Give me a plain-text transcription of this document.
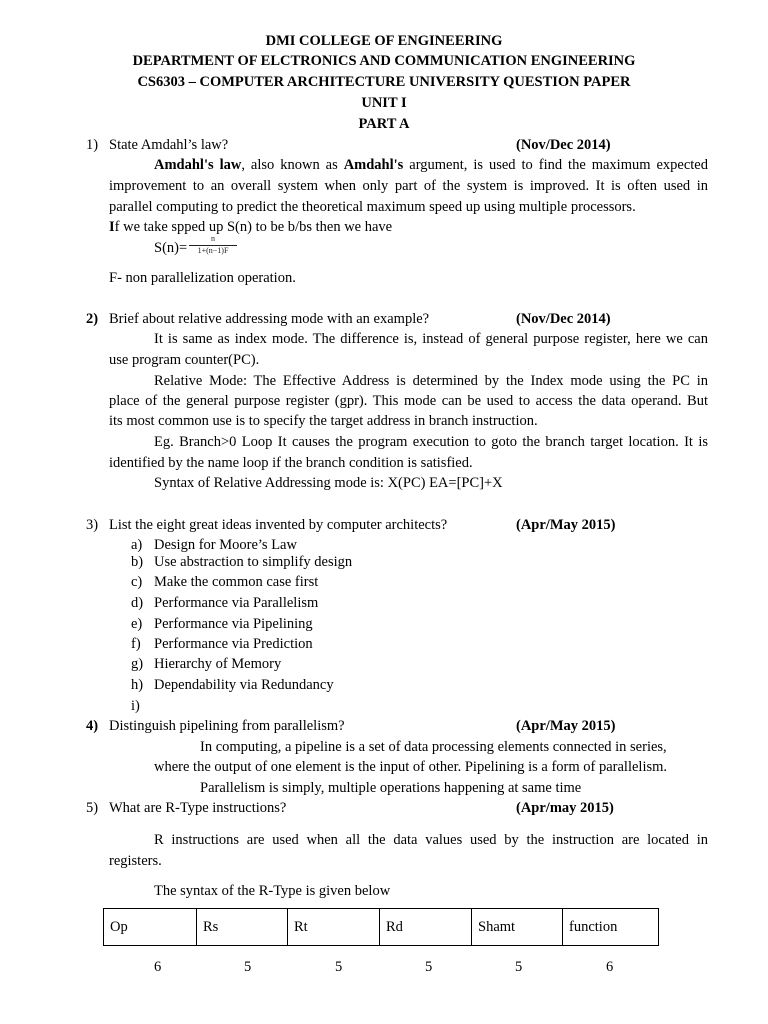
DMI COLLEGE OF ENGINEERING
DEPARTMENT OF ELCTRONICS AND COMMUNICATION ENGINEERING
CS6303 – COMPUTER ARCHITECTURE UNIVERSITY QUESTION PAPER
UNIT I
PART A
1) State Amdahl’s law?	(Nov/Dec 2014)
Amdahl's law, also known as Amdahl's argument, is used to find the maximum expected
improvement to an overall system when only part of the system is improved. It is often used in
parallel computing to predict the theoretical maximum speed up using multiple processors.
If we take spped up S(n) to be b/bs then we have
S(n)=
n
1+(n−1)F
F- non parallelization operation.
2) Brief about relative addressing mode with an example?	(Nov/Dec 2014)
It is same as index mode. The difference is, instead of general purpose register, here we can
use program counter(PC).
Relative Mode: The Effective Address is determined by the Index mode using the PC in
place of the general purpose register (gpr). This mode can be used to access the data operand. But
its most common use is to specify the target address in branch instruction.
Eg. Branch>0 Loop It causes the program execution to goto the branch target location. It is
identified by the name loop if the branch condition is satisfied.
Syntax of Relative Addressing mode is: X(PC) EA=[PC]+X
3) List the eight great ideas invented by computer architects?	(Apr/May 2015)
a) Design for Moore’s Law
b) Use abstraction to simplify design
c) Make the common case first
d) Performance via Parallelism
e) Performance via Pipelining
f) Performance via Prediction
g) Hierarchy of Memory
h) Dependability via Redundancy
i)
4) Distinguish pipelining from parallelism?	(Apr/May 2015)
In computing, a pipeline is a set of data processing elements connected in series,
where the output of one element is the input of other. Pipelining is a form of parallelism.
Parallelism is simply, multiple operations happening at same time
5) What are R-Type instructions?	(Apr/may 2015)
R instructions are used when all the data values used by the instruction are located in
registers.
The syntax of the R-Type is given below
Op	Rs	Rt	Rd	Shamt	function
6	5	5	5	5	6
